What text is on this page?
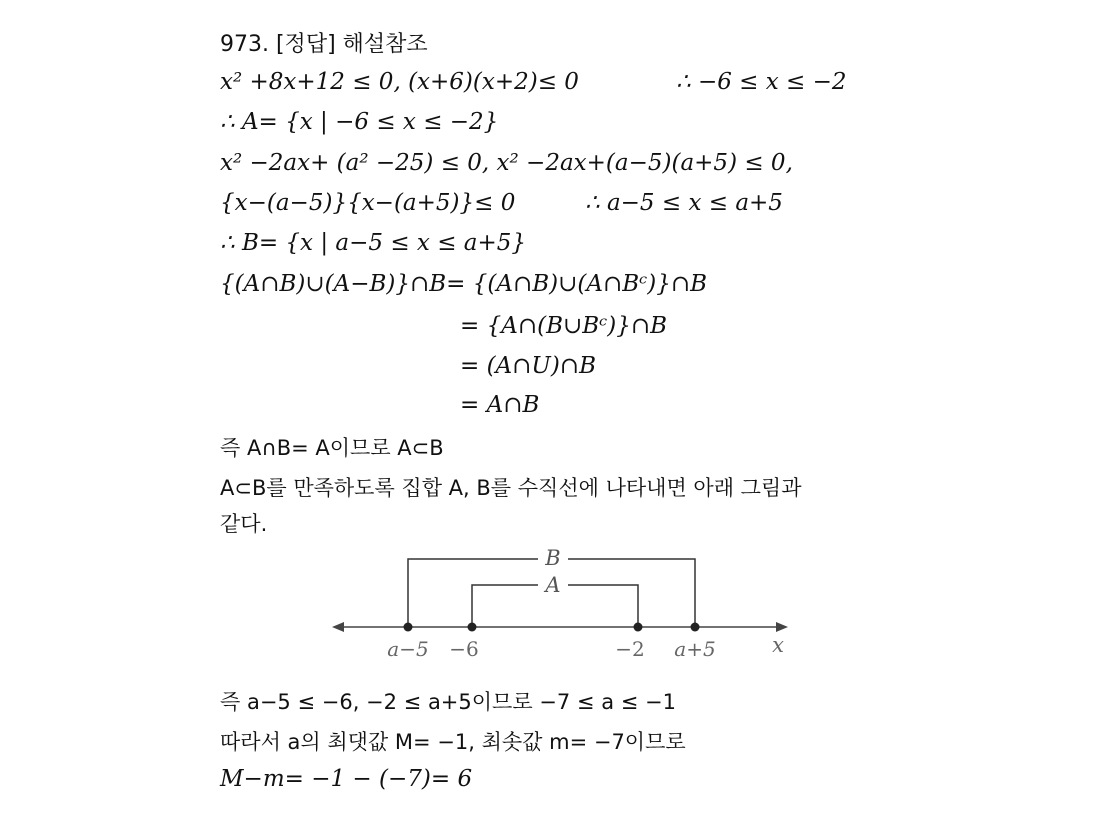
973. [정답] 해설참조
x² +8x+12 ≤ 0, (x+6)(x+2)≤ 0	∴ −6 ≤ x ≤ −2
∴ A= {x | −6 ≤ x ≤ −2}
x² −2ax+ (a² −25) ≤ 0, x² −2ax+(a−5)(a+5) ≤ 0,
{x−(a−5)}{x−(a+5)}≤ 0	∴ a−5 ≤ x ≤ a+5
∴ B= {x | a−5 ≤ x ≤ a+5}
{(A∩B)∪(A−B)}∩B= {(A∩B)∪(A∩Bᶜ)}∩B
= {A∩(B∪Bᶜ)}∩B
= (A∩U)∩B
= A∩B
즉 A∩B= A이므로 A⊂B
A⊂B를 만족하도록 집합 A, B를 수직선에 나타내면 아래 그림과
같다.
B
A
a−5 −6	−2 a+5	x
즉 a−5 ≤ −6, −2 ≤ a+5이므로 −7 ≤ a ≤ −1
따라서 a의 최댓값 M= −1, 최솟값 m= −7이므로
M−m= −1 − (−7)= 6
